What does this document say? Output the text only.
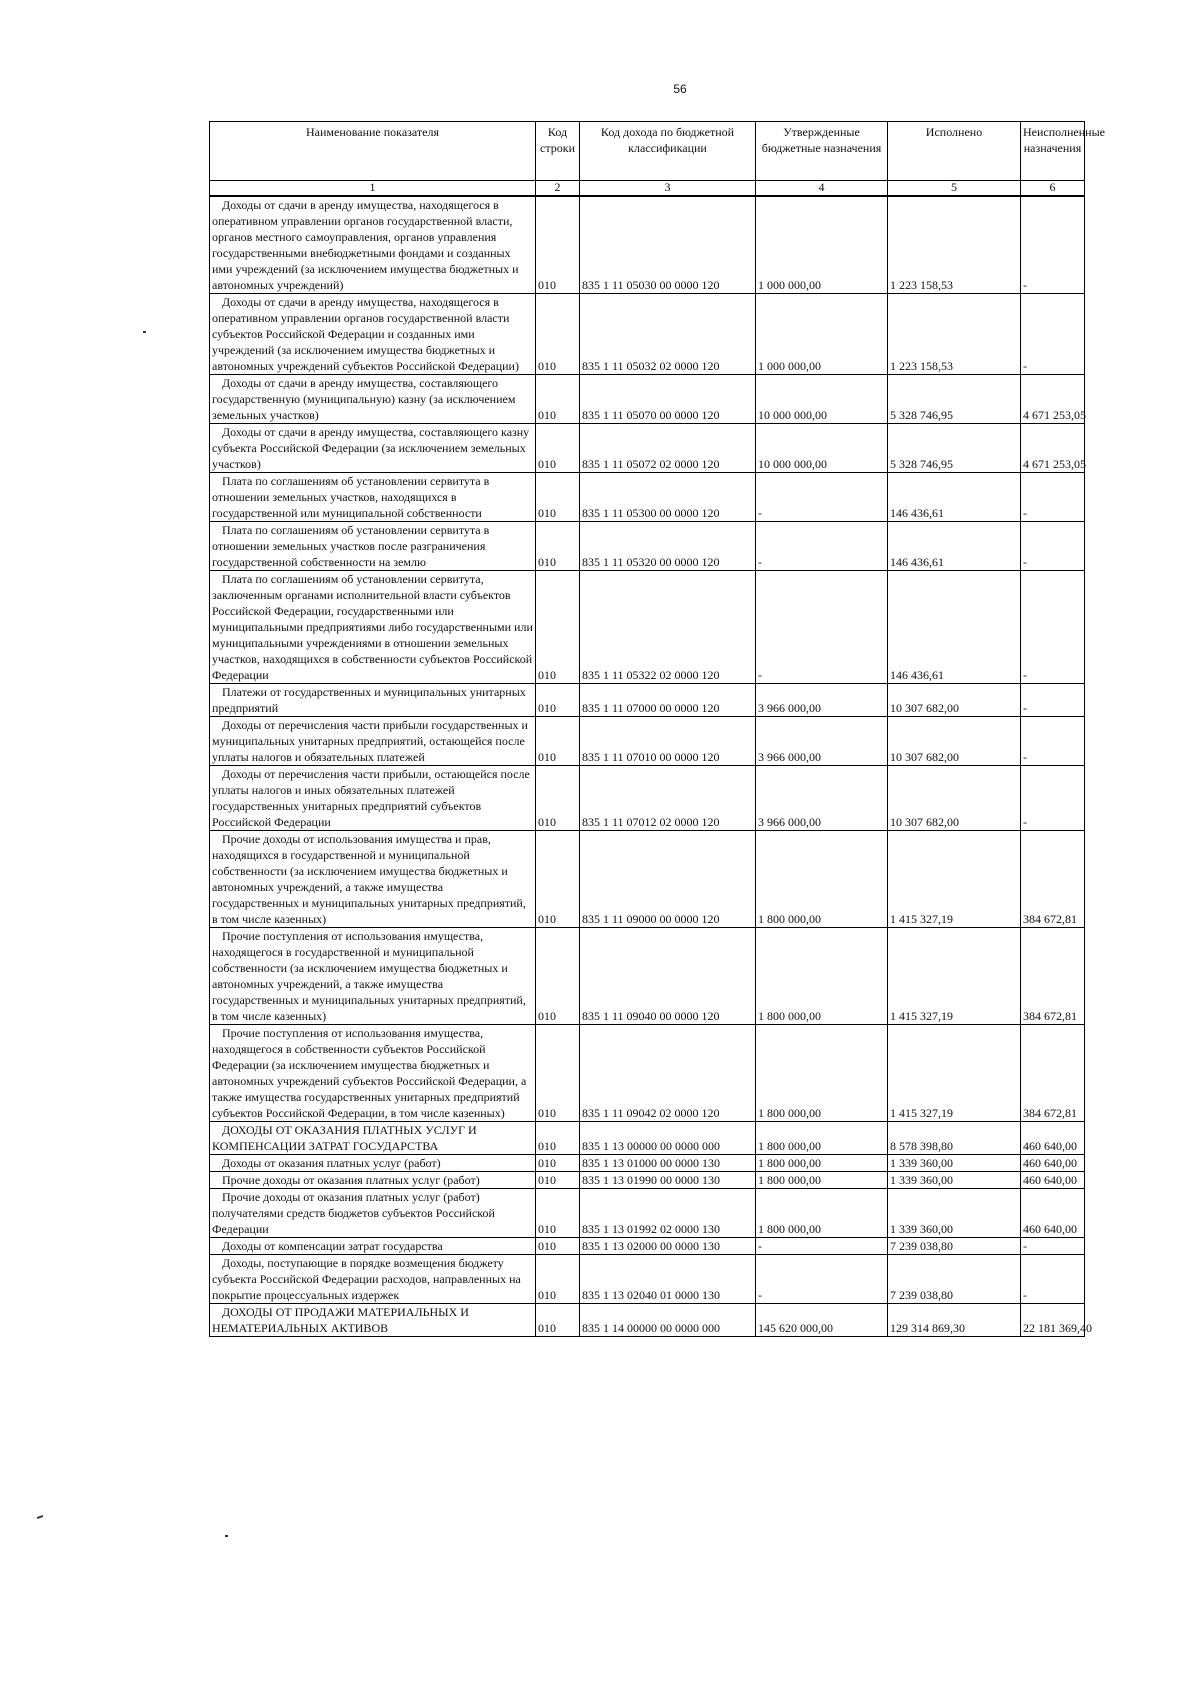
56
Наименование показателя	Код строки	Код дохода по бюджетной классификации	Утвержденные бюджетные назначения	Исполнено	Неисполненные назначения
1	2	3	4	5	6
Доходы от сдачи в аренду имущества, находящегося в оперативном управлении органов государственной власти, органов местного самоуправления, органов управления государственными внебюджетными фондами и созданных ими учреждений (за исключением имущества бюджетных и автономных учреждений)	010	835 1 11 05030 00 0000 120	1 000 000,00	1 223 158,53	-
Доходы от сдачи в аренду имущества, находящегося в оперативном управлении органов государственной власти субъектов Российской Федерации и созданных ими учреждений (за исключением имущества бюджетных и автономных учреждений субъектов Российской Федерации)	010	835 1 11 05032 02 0000 120	1 000 000,00	1 223 158,53	-
Доходы от сдачи в аренду имущества, составляющего государственную (муниципальную) казну (за исключением земельных участков)	010	835 1 11 05070 00 0000 120	10 000 000,00	5 328 746,95	4 671 253,05
Доходы от сдачи в аренду имущества, составляющего казну субъекта Российской Федерации (за исключением земельных участков)	010	835 1 11 05072 02 0000 120	10 000 000,00	5 328 746,95	4 671 253,05
Плата по соглашениям об установлении сервитута в отношении земельных участков, находящихся в государственной или муниципальной собственности	010	835 1 11 05300 00 0000 120	-	146 436,61	-
Плата по соглашениям об установлении сервитута в отношении земельных участков после разграничения государственной собственности на землю	010	835 1 11 05320 00 0000 120	-	146 436,61	-
Плата по соглашениям об установлении сервитута, заключенным органами исполнительной власти субъектов Российской Федерации, государственными или муниципальными предприятиями либо государственными или муниципальными учреждениями в отношении земельных участков, находящихся в собственности субъектов Российской Федерации	010	835 1 11 05322 02 0000 120	-	146 436,61	-
Платежи от государственных и муниципальных унитарных предприятий	010	835 1 11 07000 00 0000 120	3 966 000,00	10 307 682,00	-
Доходы от перечисления части прибыли государственных и муниципальных унитарных предприятий, остающейся после уплаты налогов и обязательных платежей	010	835 1 11 07010 00 0000 120	3 966 000,00	10 307 682,00	-
Доходы от перечисления части прибыли, остающейся после уплаты налогов и иных обязательных платежей государственных унитарных предприятий субъектов Российской Федерации	010	835 1 11 07012 02 0000 120	3 966 000,00	10 307 682,00	-
Прочие доходы от использования имущества и прав, находящихся в государственной и муниципальной собственности (за исключением имущества бюджетных и автономных учреждений, а также имущества государственных и муниципальных унитарных предприятий, в том числе казенных)	010	835 1 11 09000 00 0000 120	1 800 000,00	1 415 327,19	384 672,81
Прочие поступления от использования имущества, находящегося в государственной и муниципальной собственности (за исключением имущества бюджетных и автономных учреждений, а также имущества государственных и муниципальных унитарных предприятий, в том числе казенных)	010	835 1 11 09040 00 0000 120	1 800 000,00	1 415 327,19	384 672,81
Прочие поступления от использования имущества, находящегося в собственности субъектов Российской Федерации (за исключением имущества бюджетных и автономных учреждений субъектов Российской Федерации, а также имущества государственных унитарных предприятий субъектов Российской Федерации, в том числе казенных)	010	835 1 11 09042 02 0000 120	1 800 000,00	1 415 327,19	384 672,81
ДОХОДЫ ОТ ОКАЗАНИЯ ПЛАТНЫХ УСЛУГ И КОМПЕНСАЦИИ ЗАТРАТ ГОСУДАРСТВА	010	835 1 13 00000 00 0000 000	1 800 000,00	8 578 398,80	460 640,00
Доходы от оказания платных услуг (работ)	010	835 1 13 01000 00 0000 130	1 800 000,00	1 339 360,00	460 640,00
Прочие доходы от оказания платных услуг (работ)	010	835 1 13 01990 00 0000 130	1 800 000,00	1 339 360,00	460 640,00
Прочие доходы от оказания платных услуг (работ) получателями средств бюджетов субъектов Российской Федерации	010	835 1 13 01992 02 0000 130	1 800 000,00	1 339 360,00	460 640,00
Доходы от компенсации затрат государства	010	835 1 13 02000 00 0000 130	-	7 239 038,80	-
Доходы, поступающие в порядке возмещения бюджету субъекта Российской Федерации расходов, направленных на покрытие процессуальных издержек	010	835 1 13 02040 01 0000 130	-	7 239 038,80	-
ДОХОДЫ ОТ ПРОДАЖИ МАТЕРИАЛЬНЫХ И НЕМАТЕРИАЛЬНЫХ АКТИВОВ	010	835 1 14 00000 00 0000 000	145 620 000,00	129 314 869,30	22 181 369,40
